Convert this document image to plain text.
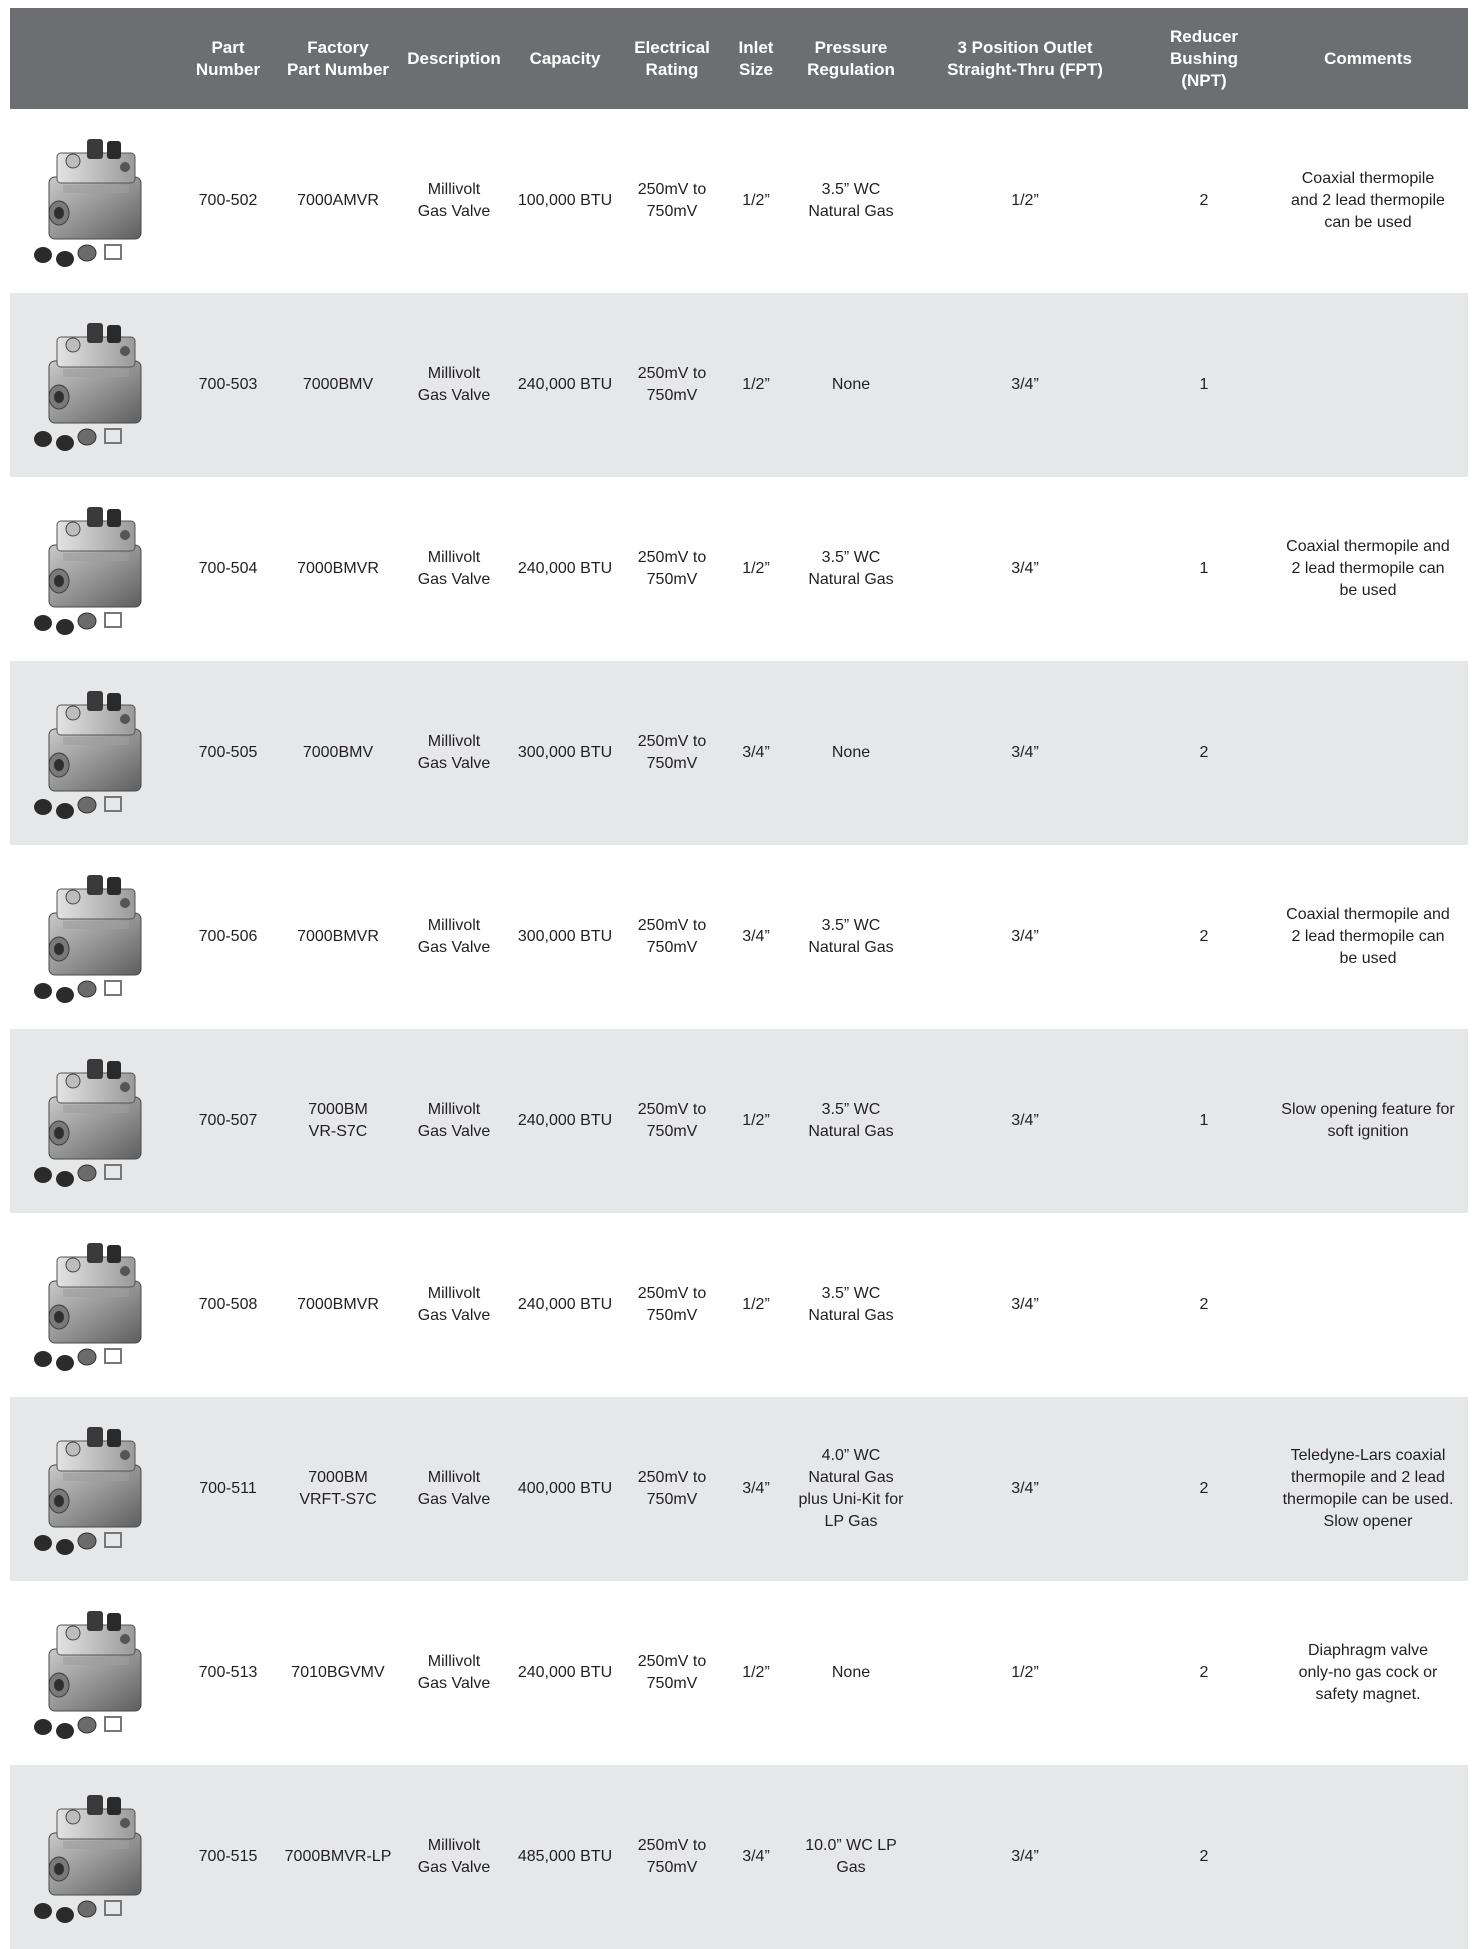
	Part
Number	Factory
Part Number	Description	Capacity	Electrical
Rating	Inlet
Size	Pressure
Regulation	3 Position Outlet
Straight-Thru (FPT)	Reducer
Bushing
(NPT)	Comments

	700-502	7000AMVR	Millivolt
Gas Valve	100,000 BTU	250mV to
750mV	1/2”	3.5” WC
Natural Gas	1/2”	2	Coaxial thermopile
and 2 lead thermopile
can be used

	700-503	7000BMV	Millivolt
Gas Valve	240,000 BTU	250mV to
750mV	1/2”	None	3/4”	1	

	700-504	7000BMVR	Millivolt
Gas Valve	240,000 BTU	250mV to
750mV	1/2”	3.5” WC
Natural Gas	3/4”	1	Coaxial thermopile and
2 lead thermopile can
be used

	700-505	7000BMV	Millivolt
Gas Valve	300,000 BTU	250mV to
750mV	3/4”	None	3/4”	2	

	700-506	7000BMVR	Millivolt
Gas Valve	300,000 BTU	250mV to
750mV	3/4”	3.5” WC
Natural Gas	3/4”	2	Coaxial thermopile and
2 lead thermopile can
be used

	700-507	7000BM
VR-S7C	Millivolt
Gas Valve	240,000 BTU	250mV to
750mV	1/2”	3.5” WC
Natural Gas	3/4”	1	Slow opening feature for
soft ignition

	700-508	7000BMVR	Millivolt
Gas Valve	240,000 BTU	250mV to
750mV	1/2”	3.5” WC
Natural Gas	3/4”	2	

	700-511	7000BM
VRFT-S7C	Millivolt
Gas Valve	400,000 BTU	250mV to
750mV	3/4”	4.0” WC
Natural Gas
plus Uni-Kit for
LP Gas	3/4”	2	Teledyne-Lars coaxial
thermopile and 2 lead
thermopile can be used.
Slow opener

	700-513	7010BGVMV	Millivolt
Gas Valve	240,000 BTU	250mV to
750mV	1/2”	None	1/2”	2	Diaphragm valve
only-no gas cock or
safety magnet.

	700-515	7000BMVR-LP	Millivolt
Gas Valve	485,000 BTU	250mV to
750mV	3/4”	10.0” WC LP
Gas	3/4”	2	
